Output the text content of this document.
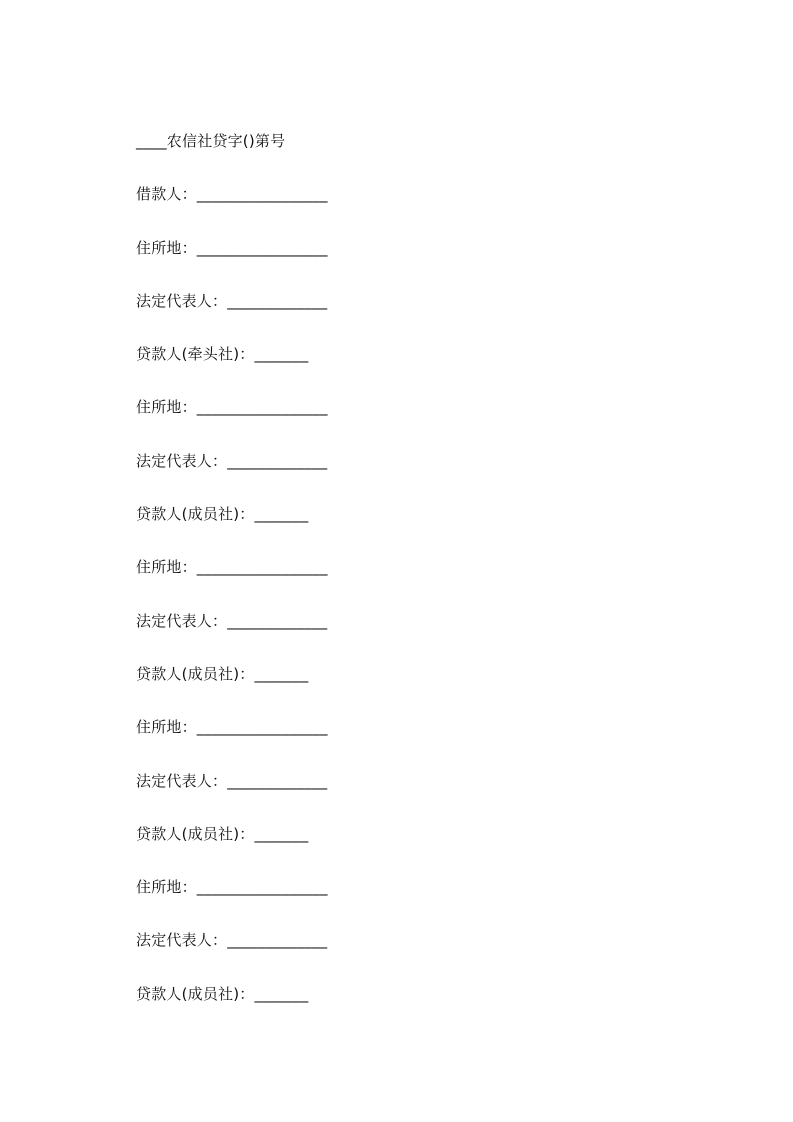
____农信社贷字()第号
借款人：_________________
住所地：_________________
法定代表人：_____________
贷款人(牵头社)：_______
住所地：_________________
法定代表人：_____________
贷款人(成员社)：_______
住所地：_________________
法定代表人：_____________
贷款人(成员社)：_______
住所地：_________________
法定代表人：_____________
贷款人(成员社)：_______
住所地：_________________
法定代表人：_____________
贷款人(成员社)：_______
